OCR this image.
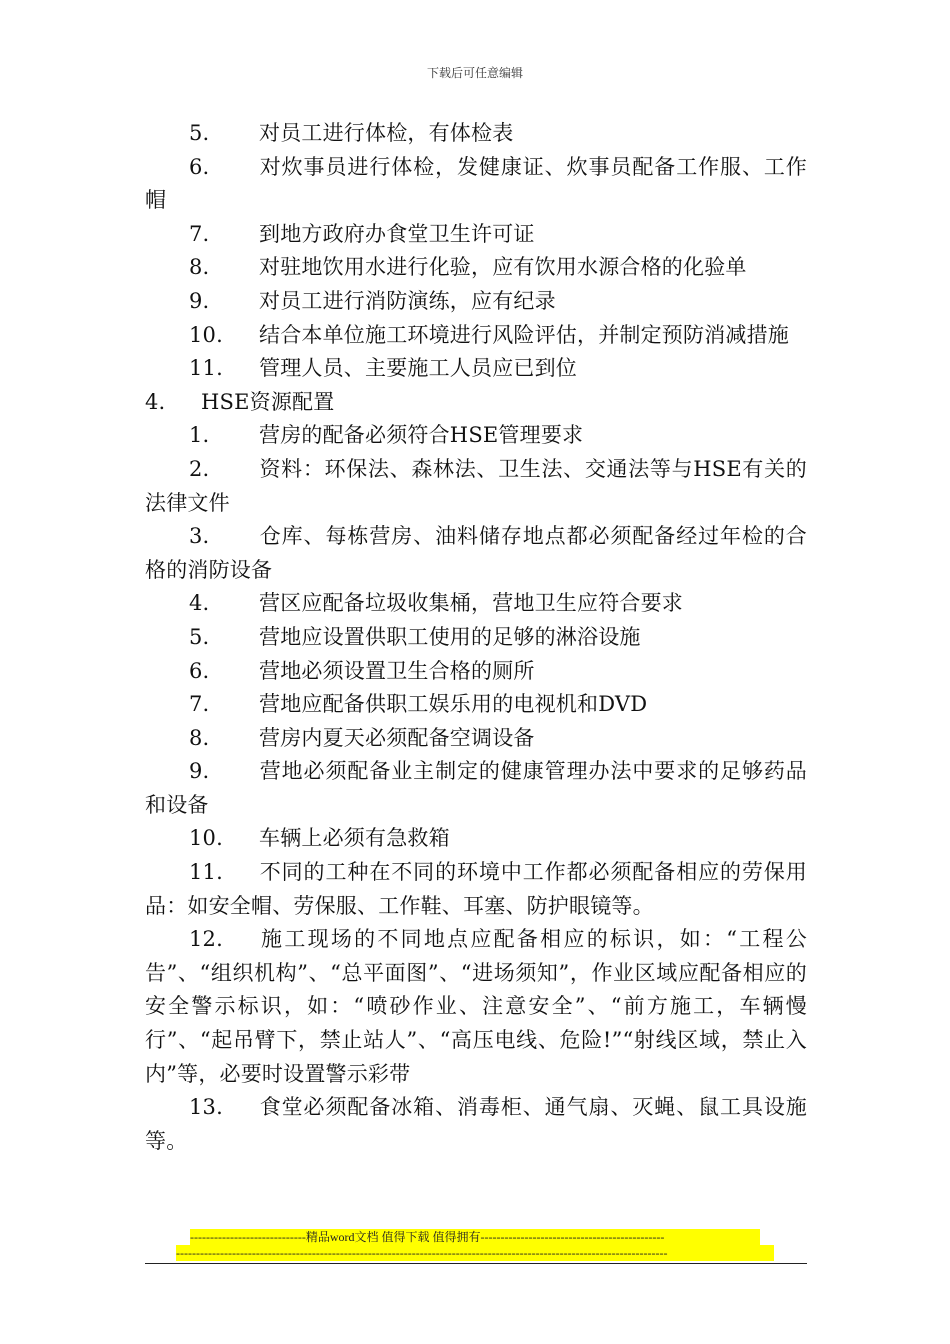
下载后可任意编辑

5. 对员工进行体检，有体检表

6. 对炊事员进行体检，发健康证、炊事员配备工作服、工作帽

7. 到地方政府办食堂卫生许可证

8. 对驻地饮用水进行化验，应有饮用水源合格的化验单

9. 对员工进行消防演练，应有纪录

10. 结合本单位施工环境进行风险评估，并制定预防消减措施

11. 管理人员、主要施工人员应已到位

4. HSE资源配置

1. 营房的配备必须符合HSE管理要求

2. 资料：环保法、森林法、卫生法、交通法等与HSE有关的法律文件

3. 仓库、每栋营房、油料储存地点都必须配备经过年检的合格的消防设备

4. 营区应配备垃圾收集桶，营地卫生应符合要求

5. 营地应设置供职工使用的足够的淋浴设施

6. 营地必须设置卫生合格的厕所

7. 营地应配备供职工娱乐用的电视机和DVD

8. 营房内夏天必须配备空调设备

9. 营地必须配备业主制定的健康管理办法中要求的足够药品和设备

10. 车辆上必须有急救箱

11. 不同的工种在不同的环境中工作都必须配备相应的劳保用品：如安全帽、劳保服、工作鞋、耳塞、防护眼镜等。

12. 施工现场的不同地点应配备相应的标识，如：“工程公告”、“组织机构”、“总平面图”、“进场须知”，作业区域应配备相应的安全警示标识，如：“喷砂作业、注意安全”、“前方施工，车辆慢行”、“起吊臂下，禁止站人”、“高压电线、危险!”“射线区域，禁止入内”等，必要时设置警示彩带

13. 食堂必须配备冰箱、消毒柜、通气扇、灭蝇、鼠工具设施等。

-----------------------------精品word文档 值得下载 值得拥有----------------------------------------------
---------------------------------------------------------------------------------------------------------------------------
